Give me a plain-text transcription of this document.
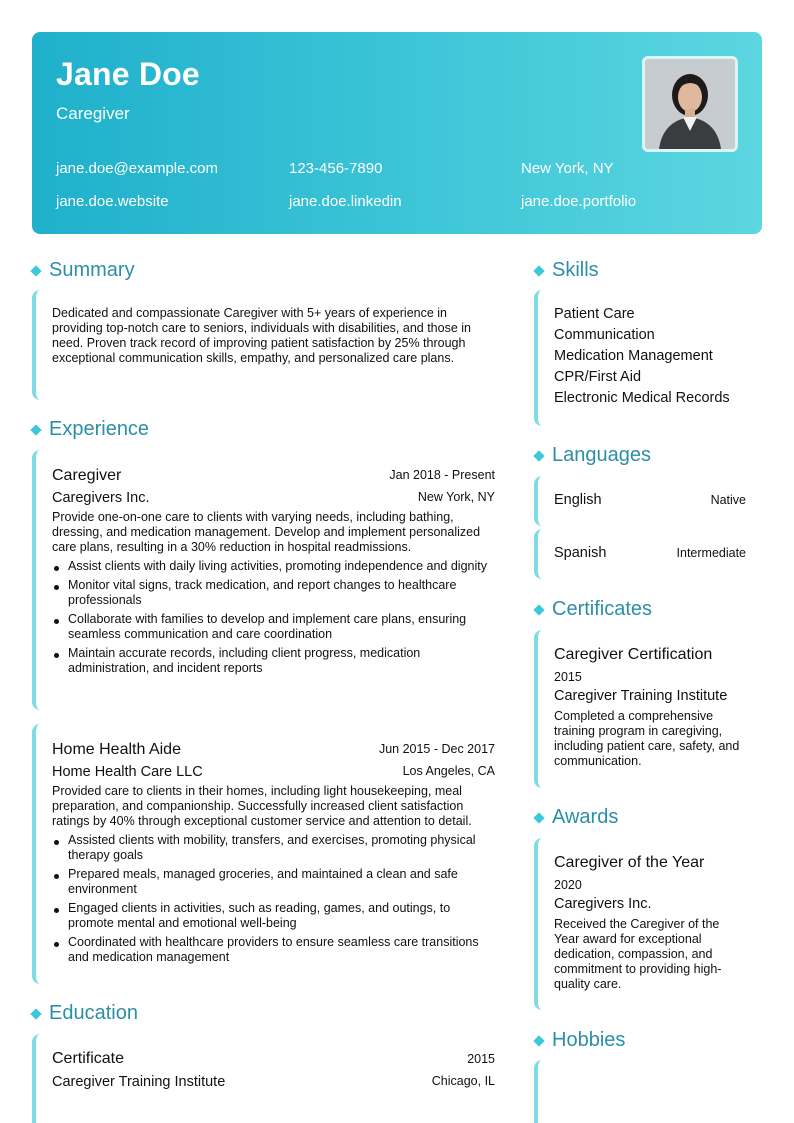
Jane Doe
Caregiver
jane.doe@example.com	123-456-7890	New York, NY
jane.doe.website	jane.doe.linkedin	jane.doe.portfolio
Summary
Dedicated and compassionate Caregiver with 5+ years of experience in providing top-notch care to seniors, individuals with disabilities, and those in need. Proven track record of improving patient satisfaction by 25% through exceptional communication skills, empathy, and personalized care plans.
Experience
Caregiver	Jan 2018 - Present
Caregivers Inc.	New York, NY
Provide one-on-one care to clients with varying needs, including bathing, dressing, and medication management. Develop and implement personalized care plans, resulting in a 30% reduction in hospital readmissions.
Assist clients with daily living activities, promoting independence and dignity
Monitor vital signs, track medication, and report changes to healthcare professionals
Collaborate with families to develop and implement care plans, ensuring seamless communication and care coordination
Maintain accurate records, including client progress, medication administration, and incident reports
Home Health Aide	Jun 2015 - Dec 2017
Home Health Care LLC	Los Angeles, CA
Provided care to clients in their homes, including light housekeeping, meal preparation, and companionship. Successfully increased client satisfaction ratings by 40% through exceptional customer service and attention to detail.
Assisted clients with mobility, transfers, and exercises, promoting physical therapy goals
Prepared meals, managed groceries, and maintained a clean and safe environment
Engaged clients in activities, such as reading, games, and outings, to promote mental and emotional well-being
Coordinated with healthcare providers to ensure seamless care transitions and medication management
Education
Certificate	2015
Caregiver Training Institute	Chicago, IL
Skills
Patient Care
Communication
Medication Management
CPR/First Aid
Electronic Medical Records
Languages
English	Native
Spanish	Intermediate
Certificates
Caregiver Certification
2015
Caregiver Training Institute
Completed a comprehensive training program in caregiving, including patient care, safety, and communication.
Awards
Caregiver of the Year
2020
Caregivers Inc.
Received the Caregiver of the Year award for exceptional dedication, compassion, and commitment to providing high-quality care.
Hobbies
